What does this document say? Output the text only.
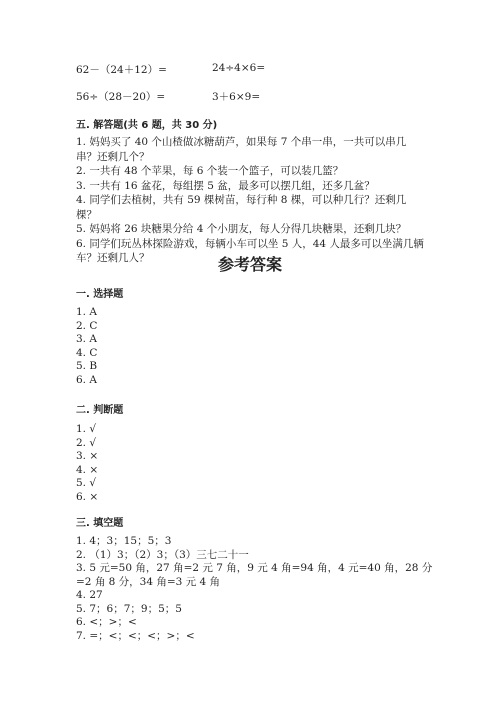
62－（24＋12）=	24÷4×6=
56÷（28－20）=	3＋6×9=
五. 解答题(共 6 题，共 30 分)
1. 妈妈买了 40 个山楂做冰糖葫芦，如果每 7 个串一串，一共可以串几串？还剩几个？
2. 一共有 48 个苹果，每 6 个装一个篮子，可以装几篮？
3. 一共有 16 盆花，每组摆 5 盆，最多可以摆几组，还多几盆？
4. 同学们去植树，共有 59 棵树苗，每行种 8 棵，可以种几行？还剩几棵？
5. 妈妈将 26 块糖果分给 4 个小朋友，每人分得几块糖果，还剩几块？
6. 同学们玩丛林探险游戏，每辆小车可以坐 5 人，44 人最多可以坐满几辆车？还剩几人？	参考答案
一. 选择题
1. A
2. C
3. A
4. C
5. B
6. A
二. 判断题
1. √
2. √
3. ×
4. ×
5. √
6. ×
三. 填空题
1. 4；3；15；5；3
2. （1）3；（2）3；（3）三七二十一
3. 5 元=50 角，27 角=2 元 7 角，9 元 4 角=94 角，4 元=40 角，28 分=2 角 8 分，34 角=3 元 4 角
4. 27
5. 7；6；7；9；5；5
6. <；>；<
7. =；<；<；<；>；<
